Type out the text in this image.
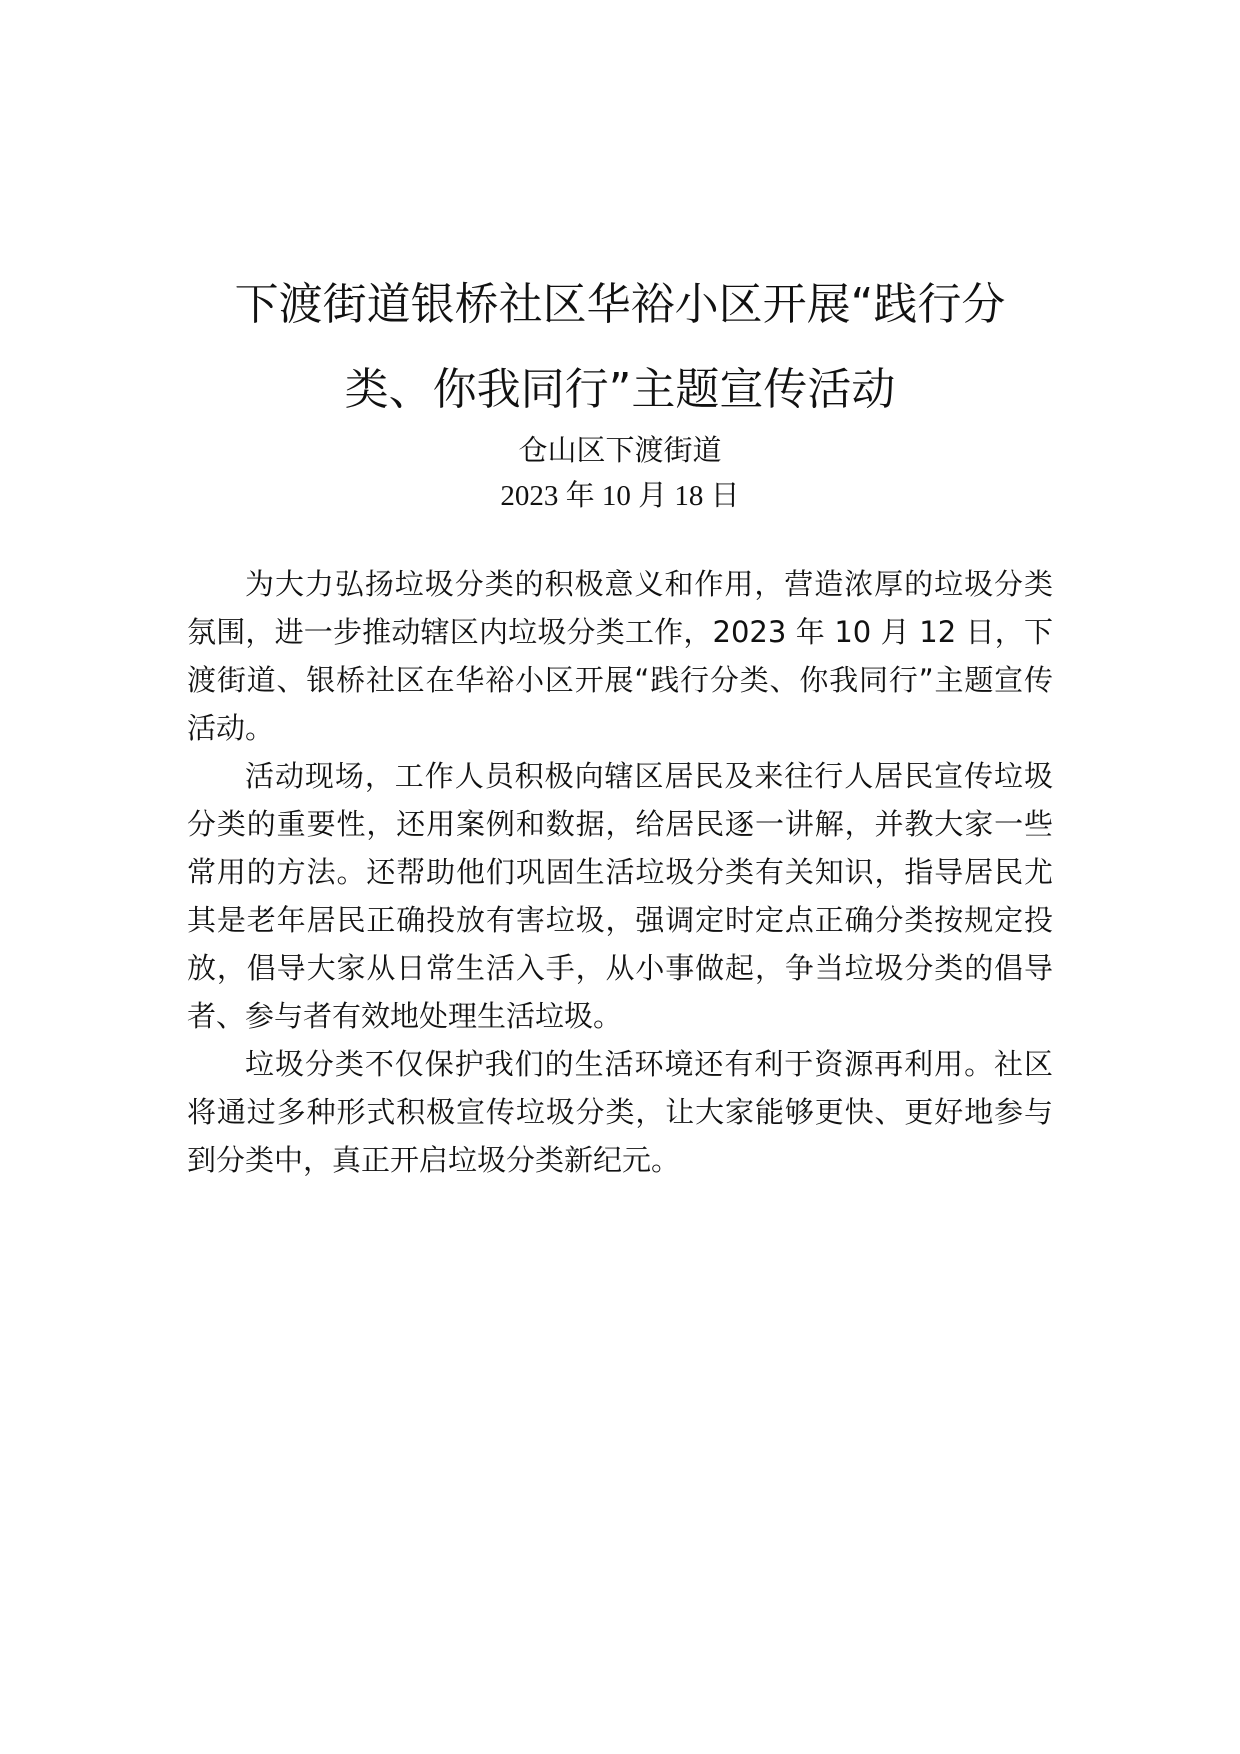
下渡街道银桥社区华裕小区开展“践行分
类、你我同行”主题宣传活动
仓山区下渡街道
2023 年 10 月 18 日

为大力弘扬垃圾分类的积极意义和作用，营造浓厚的垃圾分类氛围，进一步推动辖区内垃圾分类工作，2023 年 10 月 12 日，下渡街道、银桥社区在华裕小区开展“践行分类、你我同行”主题宣传活动。

活动现场，工作人员积极向辖区居民及来往行人居民宣传垃圾分类的重要性，还用案例和数据，给居民逐一讲解，并教大家一些常用的方法。还帮助他们巩固生活垃圾分类有关知识，指导居民尤其是老年居民正确投放有害垃圾，强调定时定点正确分类按规定投放，倡导大家从日常生活入手，从小事做起，争当垃圾分类的倡导者、参与者有效地处理生活垃圾。

垃圾分类不仅保护我们的生活环境还有利于资源再利用。社区将通过多种形式积极宣传垃圾分类，让大家能够更快、更好地参与到分类中，真正开启垃圾分类新纪元。
